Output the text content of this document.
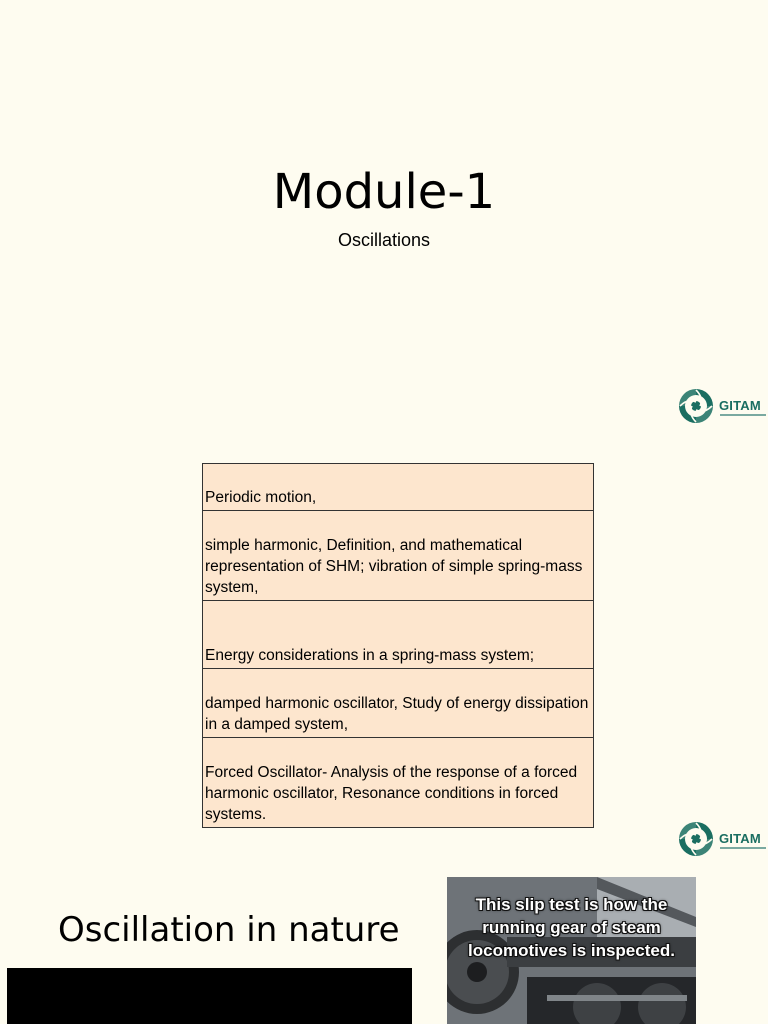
Module-1
Oscillations
GITAM
Periodic motion,
simple harmonic, Definition, and mathematical representation of SHM; vibration of simple spring-mass system,
Energy considerations in a spring-mass system;
damped harmonic oscillator, Study of energy dissipation in a damped system,
Forced Oscillator- Analysis of the response of a forced harmonic oscillator, Resonance conditions in forced systems.
GITAM
Oscillation in nature
This slip test is how the running gear of steam locomotives is inspected.
